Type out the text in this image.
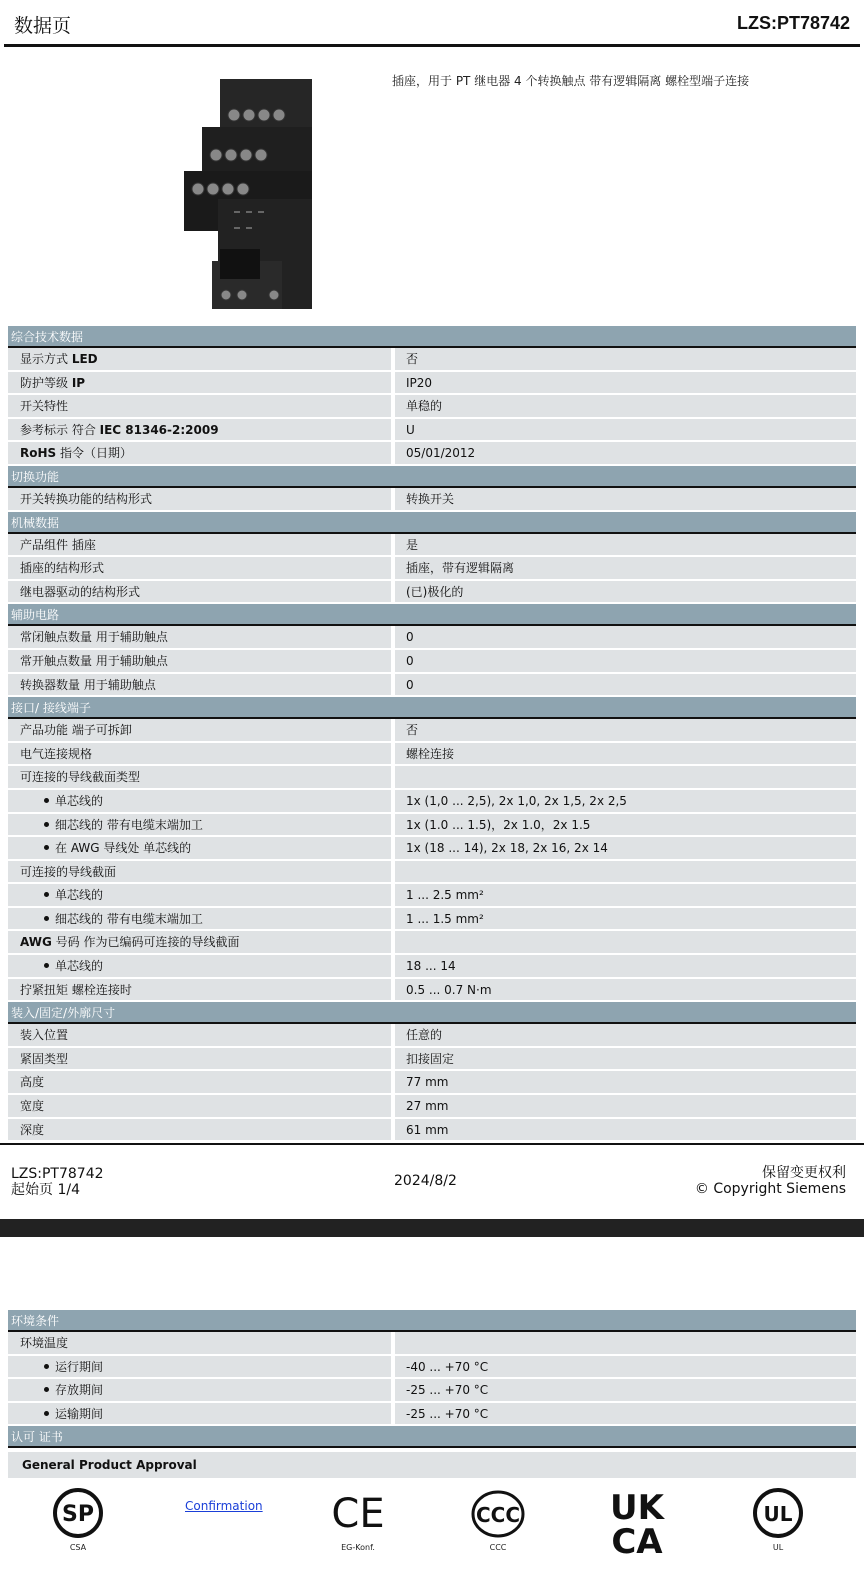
数据页	LZS:PT78742
插座，用于 PT 继电器 4 个转换触点 带有逻辑隔离 螺栓型端子连接
综合技术数据
显示方式 LED	否
防护等级 IP	IP20
开关特性	单稳的
参考标示 符合 IEC 81346-2:2009	U
RoHS 指令（日期）	05/01/2012
切换功能
开关转换功能的结构形式	转换开关
机械数据
产品组件 插座	是
插座的结构形式	插座，带有逻辑隔离
继电器驱动的结构形式	(已)极化的
辅助电路
常闭触点数量 用于辅助触点	0
常开触点数量 用于辅助触点	0
转换器数量 用于辅助触点	0
接口/ 接线端子
产品功能 端子可拆卸	否
电气连接规格	螺栓连接
可连接的导线截面类型
单芯线的	1x (1,0 ... 2,5), 2x 1,0, 2x 1,5, 2x 2,5
细芯线的 带有电缆末端加工	1x (1.0 ... 1.5)，2x 1.0，2x 1.5
在 AWG 导线处 单芯线的	1x (18 ... 14), 2x 18, 2x 16, 2x 14
可连接的导线截面
单芯线的	1 ... 2.5 mm²
细芯线的 带有电缆末端加工	1 ... 1.5 mm²
AWG 号码 作为已编码可连接的导线截面
单芯线的	18 ... 14
拧紧扭矩 螺栓连接时	0.5 ... 0.7 N·m
装入/固定/外廓尺寸
装入位置	任意的
紧固类型	扣接固定
高度	77 mm
宽度	27 mm
深度	61 mm
LZS:PT78742
起始页 1/4
2024/8/2	保留变更权利
© Copyright Siemens
环境条件
环境温度
运行期间	-40 ... +70 °C
存放期间	-25 ... +70 °C
运输期间	-25 ... +70 °C
认可 证书
General Product Approval
Confirmation
SP
CSA
CE
EG-Konf.
CCC
CCC
UK
CA
UL
UL
